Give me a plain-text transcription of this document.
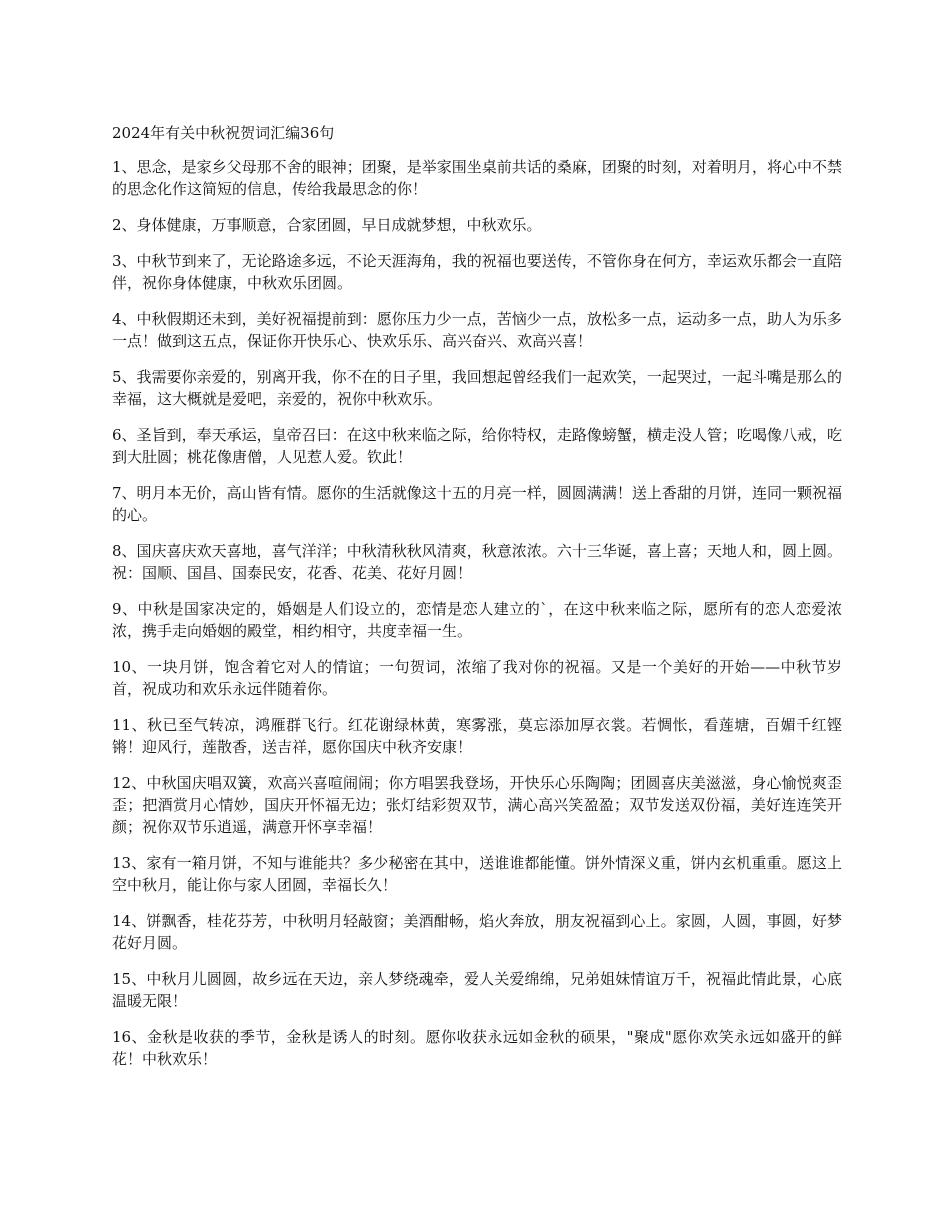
2024年有关中秋祝贺词汇编36句

1、思念，是家乡父母那不舍的眼神；团聚，是举家围坐桌前共话的桑麻，团聚的时刻，对着明月，将心中不禁的思念化作这简短的信息，传给我最思念的你！

2、身体健康，万事顺意，合家团圆，早日成就梦想，中秋欢乐。

3、中秋节到来了，无论路途多远，不论天涯海角，我的祝福也要送传，不管你身在何方，幸运欢乐都会一直陪伴，祝你身体健康，中秋欢乐团圆。

4、中秋假期还未到，美好祝福提前到：愿你压力少一点，苦恼少一点，放松多一点，运动多一点，助人为乐多一点！做到这五点，保证你开快乐心、快欢乐乐、高兴奋兴、欢高兴喜！

5、我需要你亲爱的，别离开我，你不在的日子里，我回想起曾经我们一起欢笑，一起哭过，一起斗嘴是那么的幸福，这大概就是爱吧，亲爱的，祝你中秋欢乐。

6、圣旨到，奉天承运，皇帝召曰：在这中秋来临之际，给你特权，走路像螃蟹，横走没人管；吃喝像八戒，吃到大肚圆；桃花像唐僧，人见惹人爱。钦此！

7、明月本无价，高山皆有情。愿你的生活就像这十五的月亮一样，圆圆满满！送上香甜的月饼，连同一颗祝福的心。

8、国庆喜庆欢天喜地，喜气洋洋；中秋清秋秋风清爽，秋意浓浓。六十三华诞，喜上喜；天地人和，圆上圆。祝：国顺、国昌、国泰民安，花香、花美、花好月圆！

9、中秋是国家决定的，婚姻是人们设立的，恋情是恋人建立的`，在这中秋来临之际，愿所有的恋人恋爱浓浓，携手走向婚姻的殿堂，相约相守，共度幸福一生。

10、一块月饼，饱含着它对人的情谊；一句贺词，浓缩了我对你的祝福。又是一个美好的开始——中秋节岁首，祝成功和欢乐永远伴随着你。

11、秋已至气转凉，鸿雁群飞行。红花谢绿林黄，寒雾涨，莫忘添加厚衣裳。若惆怅，看莲塘，百媚千红铿锵！迎风行，莲散香，送吉祥，愿你国庆中秋齐安康！

12、中秋国庆唱双簧，欢高兴喜喧闹闹；你方唱罢我登场，开快乐心乐陶陶；团圆喜庆美滋滋，身心愉悦爽歪歪；把酒赏月心情妙，国庆开怀福无边；张灯结彩贺双节，满心高兴笑盈盈；双节发送双份福，美好连连笑开颜；祝你双节乐逍遥，满意开怀享幸福！

13、家有一箱月饼，不知与谁能共？多少秘密在其中，送谁谁都能懂。饼外情深义重，饼内玄机重重。愿这上空中秋月，能让你与家人团圆，幸福长久！

14、饼飘香，桂花芬芳，中秋明月轻敲窗；美酒酣畅，焰火奔放，朋友祝福到心上。家圆，人圆，事圆，好梦花好月圆。

15、中秋月儿圆圆，故乡远在天边，亲人梦绕魂牵，爱人关爱绵绵，兄弟姐妹情谊万千，祝福此情此景，心底温暖无限！

16、金秋是收获的季节，金秋是诱人的时刻。愿你收获永远如金秋的硕果，"聚成"愿你欢笑永远如盛开的鲜花！中秋欢乐！
